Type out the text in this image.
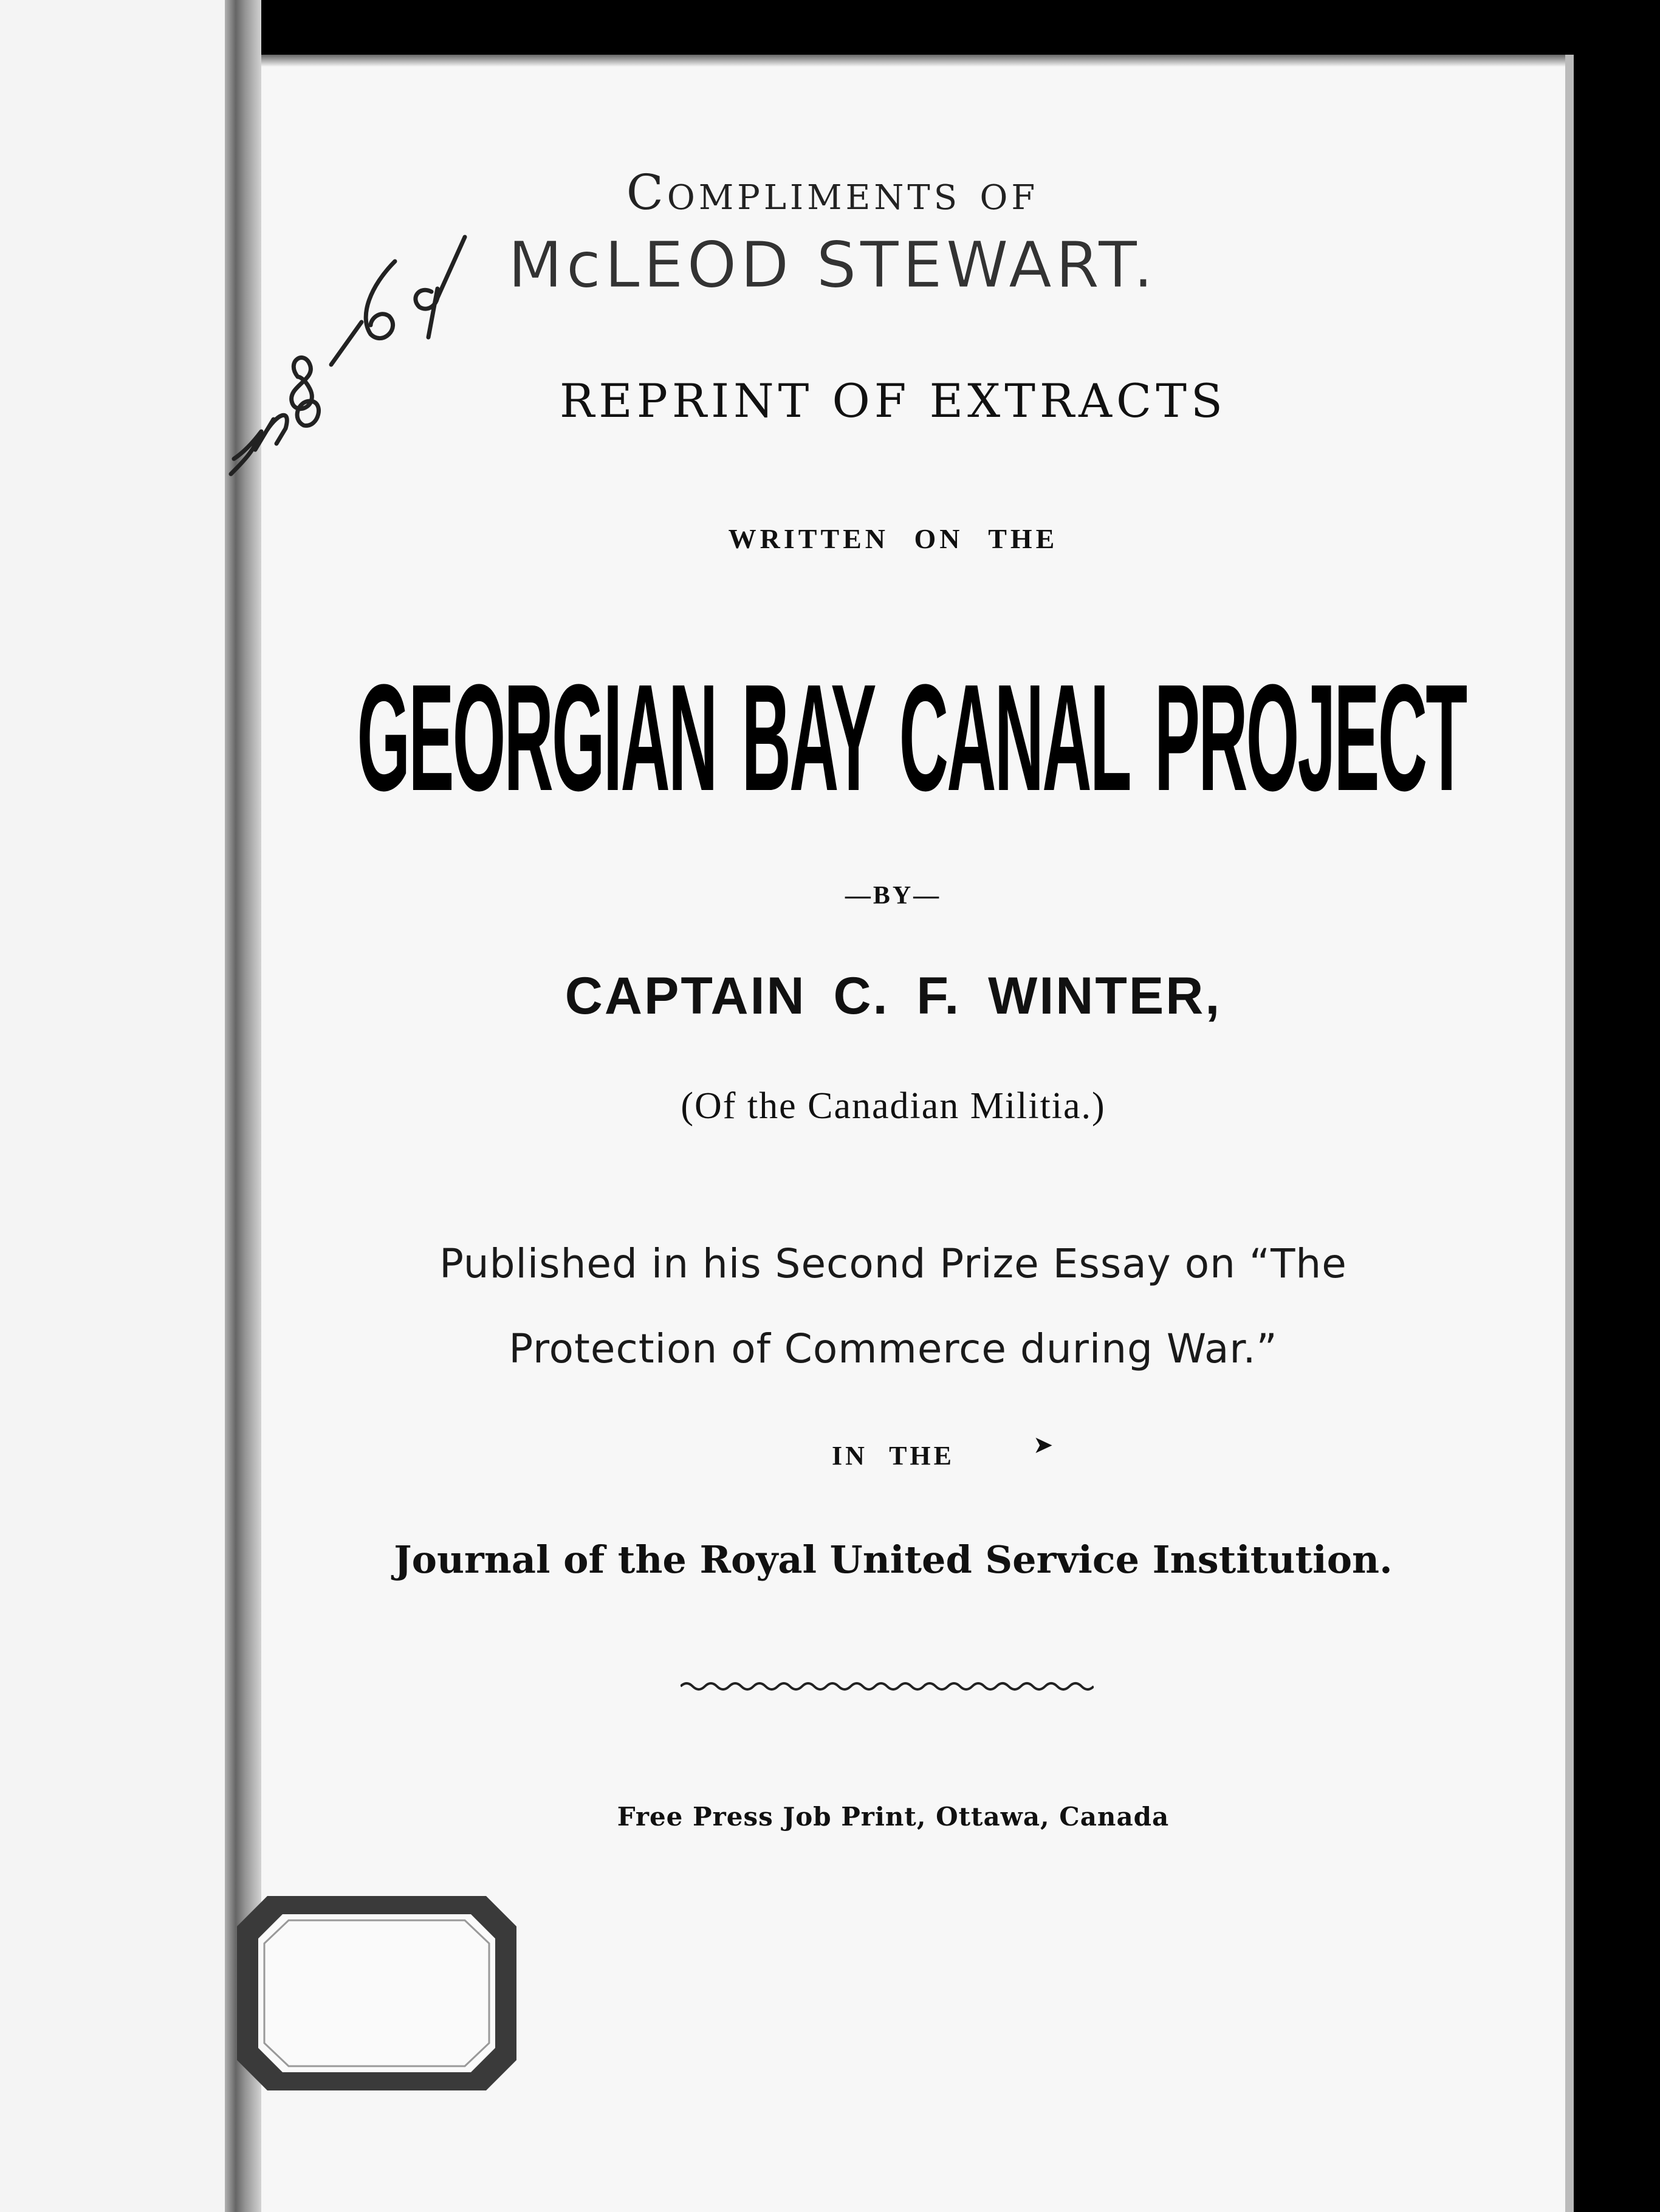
Compliments of
McLEOD STEWART.
REPRINT OF EXTRACTS
WRITTEN ON THE
GEORGIAN BAY CANAL PROJECT
—BY—
CAPTAIN C. F. WINTER,
(Of the Canadian Militia.)
Published in his Second Prize Essay on “The
Protection of Commerce during War.”
IN THE	➤
Journal of the Royal United Service Institution.
Free Press Job Print, Ottawa, Canada
